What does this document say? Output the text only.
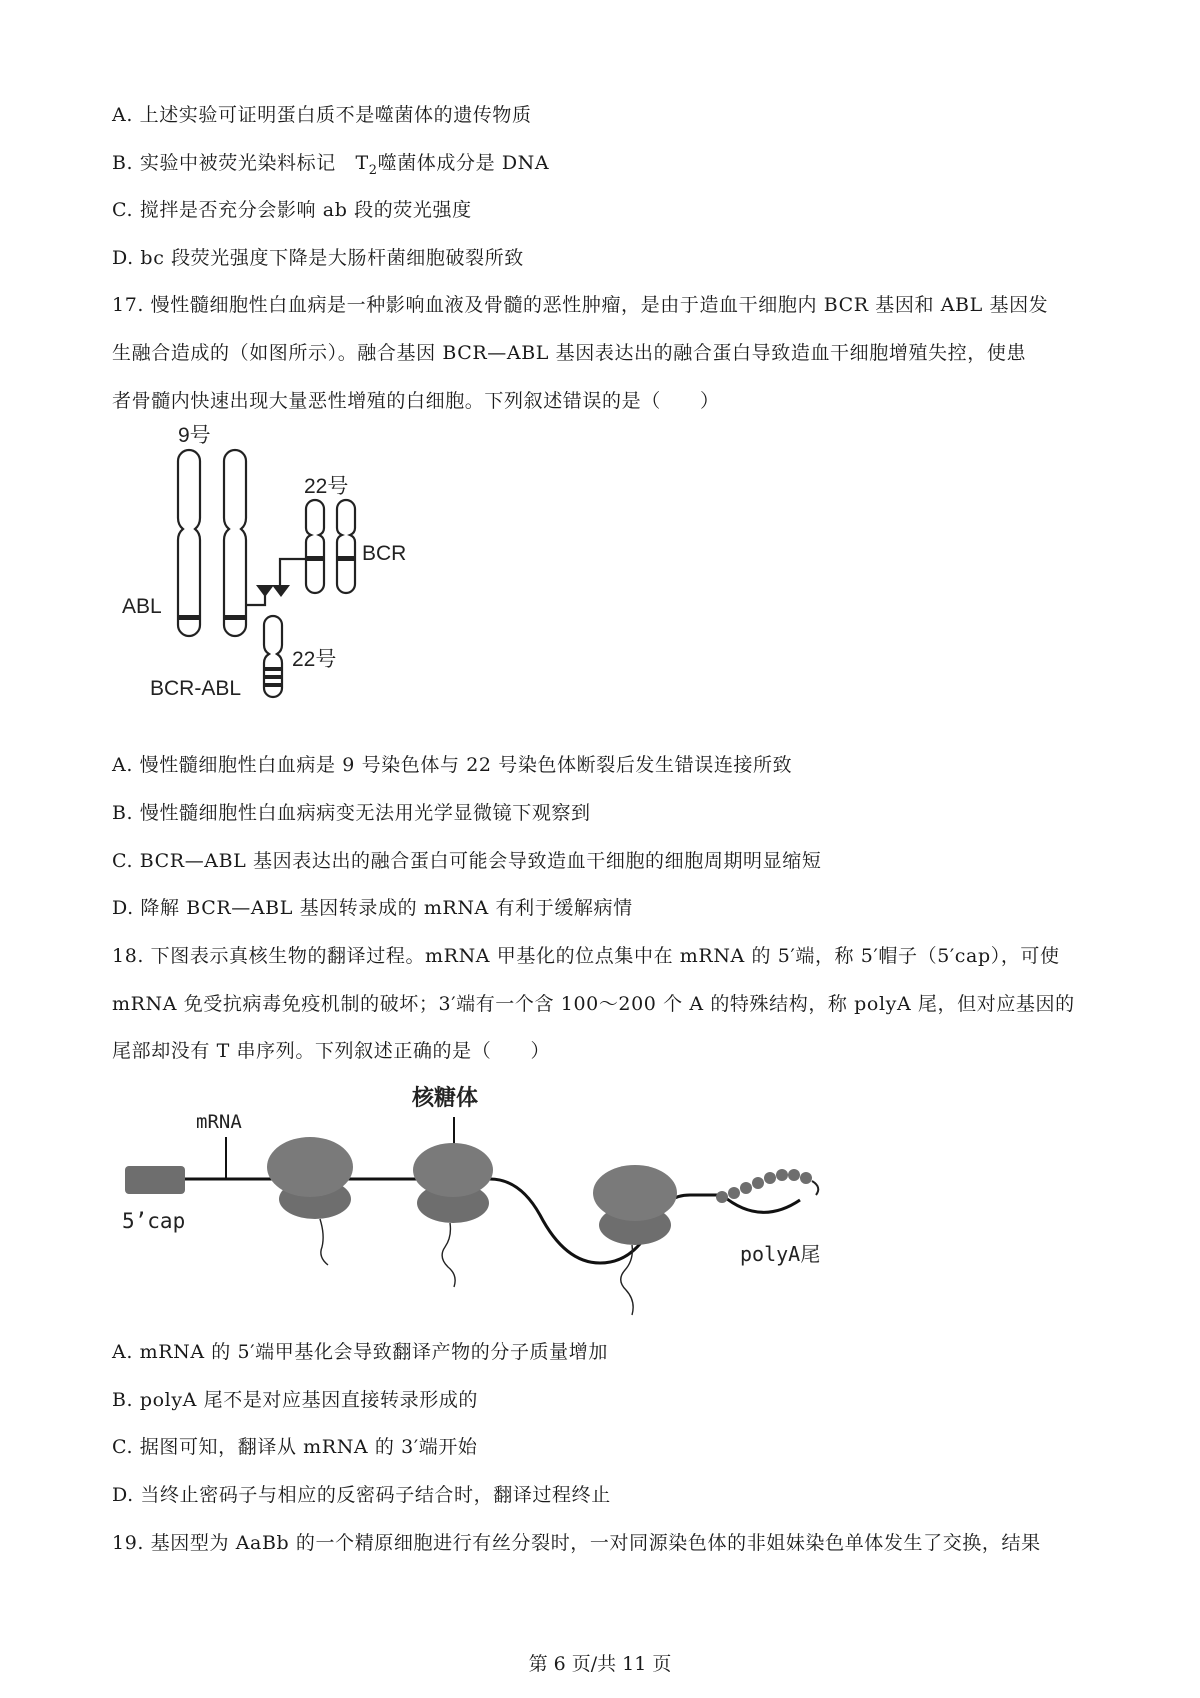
A. 上述实验可证明蛋白质不是噬菌体的遗传物质
B. 实验中被荧光染料标记　$T_2$噬菌体成分是 DNA
C. 搅拌是否充分会影响 ab 段的荧光强度
D. bc 段荧光强度下降是大肠杆菌细胞破裂所致
17. 慢性髓细胞性白血病是一种影响血液及骨髓的恶性肿瘤，是由于造血干细胞内 BCR 基因和 ABL 基因发
生融合造成的（如图所示）。融合基因 BCR—ABL 基因表达出的融合蛋白导致造血干细胞增殖失控，使患
者骨髓内快速出现大量恶性增殖的白细胞。下列叙述错误的是（　　）
9号
22号
BCR
ABL
22号
BCR-ABL
A. 慢性髓细胞性白血病是 9 号染色体与 22 号染色体断裂后发生错误连接所致
B. 慢性髓细胞性白血病病变无法用光学显微镜下观察到
C. BCR—ABL 基因表达出的融合蛋白可能会导致造血干细胞的细胞周期明显缩短
D. 降解 BCR—ABL 基因转录成的 mRNA 有利于缓解病情
18. 下图表示真核生物的翻译过程。mRNA 甲基化的位点集中在 mRNA 的 5′端，称 5′帽子（5′cap），可使
mRNA 免受抗病毒免疫机制的破坏；3′端有一个含 100～200 个 A 的特殊结构，称 polyA 尾，但对应基因的
尾部却没有 T 串序列。下列叙述正确的是（　　）
核糖体
mRNA
5’cap
polyA尾
A. mRNA 的 5′端甲基化会导致翻译产物的分子质量增加
B. polyA 尾不是对应基因直接转录形成的
C. 据图可知，翻译从 mRNA 的 3′端开始
D. 当终止密码子与相应的反密码子结合时，翻译过程终止
19. 基因型为 AaBb 的一个精原细胞进行有丝分裂时，一对同源染色体的非姐妹染色单体发生了交换，结果
第 6 页/共 11 页
